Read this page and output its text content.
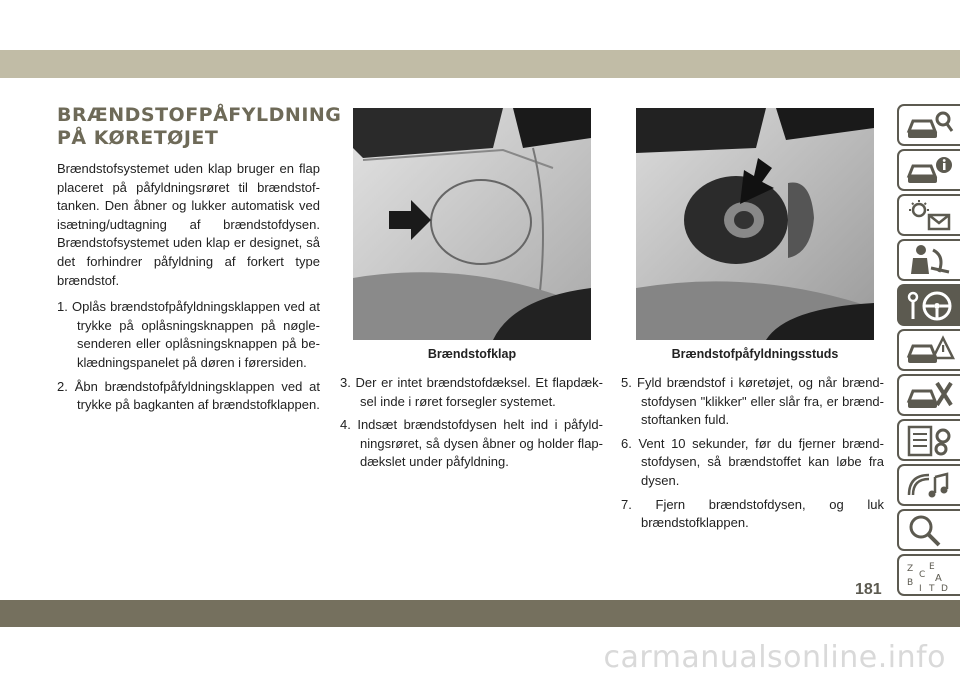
BRÆNDSTOFPÅFYLDNING
PÅ KØRETØJET

Brændstofsystemet uden klap bruger en flap placeret på påfyldningsrøret til brændstoftanken. Den åbner og lukker automatisk ved isætning/udtagning af brændstofdysen. Brændstofsystemet uden klap er designet, så det forhindrer påfyldning af forkert type brændstof.

1. Oplås brændstofpåfyldningsklappen ved at trykke på oplåsningsknappen på nøglesenderen eller oplåsningsknappen på beklædningspanelet på døren i førersiden.
2. Åbn brændstofpåfyldningsklappen ved at trykke på bagkanten af brændstofklappen.
Brændstofklap	Brændstofpåfyldningsstuds
3. Der er intet brændstofdæksel. Et flapdæksel inde i røret forsegler systemet.
4. Indsæt brændstofdysen helt ind i påfyldningsrøret, så dysen åbner og holder flapdækslet under påfyldning.
5. Fyld brændstof i køretøjet, og når brændstofdysen "klikker" eller slår fra, er brændstoftanken fuld.
6. Vent 10 sekunder, før du fjerner brændstofdysen, så brændstoffet kan løbe fra dysen.
7. Fjern brændstofdysen, og luk brændstofklappen.
Z E
B
C A
I T D
181
carmanualsonline.info
